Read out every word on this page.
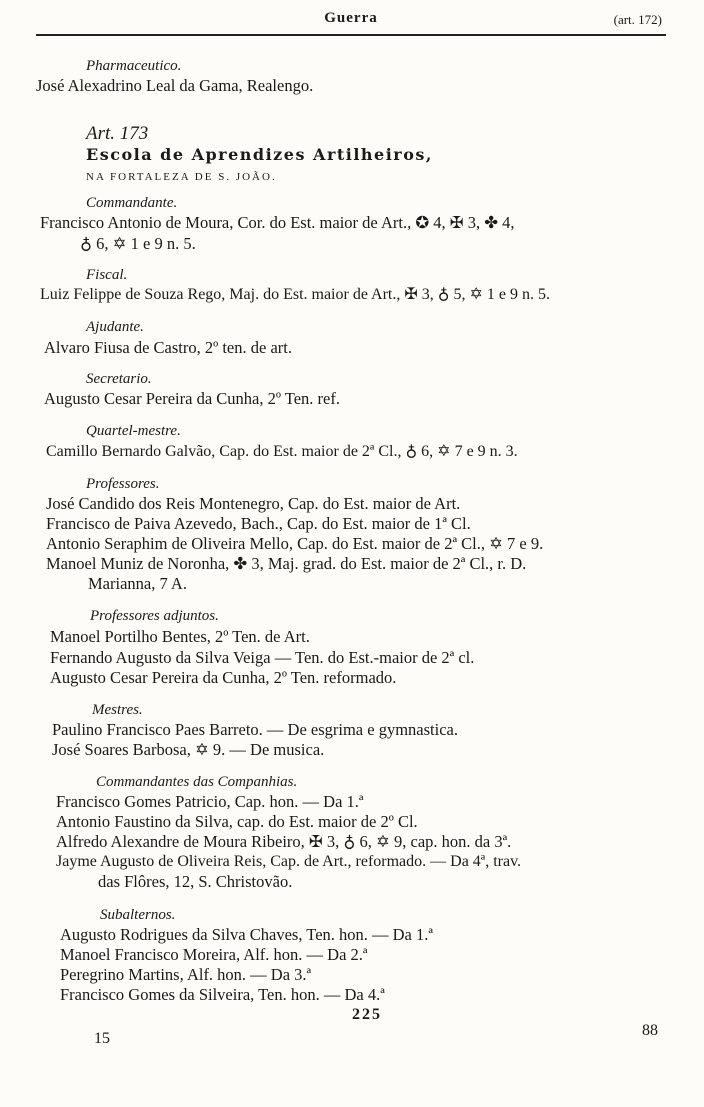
Guerra	(art. 172)
Pharmaceutico.
José Alexadrino Leal da Gama, Realengo.
Art. 173
Escola de Aprendizes Artilheiros,
NA FORTALEZA DE S. JOÃO.
Commandante.
Francisco Antonio de Moura, Cor. do Est. maior de Art., ✪ 4, ✠ 3, ✤ 4,
♁ 6, ✡ 1 e 9 n. 5.
Fiscal.
Luiz Felippe de Souza Rego, Maj. do Est. maior de Art., ✠ 3, ♁ 5, ✡ 1 e 9 n. 5.
Ajudante.
Alvaro Fiusa de Castro, 2º ten. de art.
Secretario.
Augusto Cesar Pereira da Cunha, 2º Ten. ref.
Quartel-mestre.
Camillo Bernardo Galvão, Cap. do Est. maior de 2ª Cl., ♁ 6, ✡ 7 e 9 n. 3.
Professores.
José Candido dos Reis Montenegro, Cap. do Est. maior de Art.
Francisco de Paiva Azevedo, Bach., Cap. do Est. maior de 1ª Cl.
Antonio Seraphim de Oliveira Mello, Cap. do Est. maior de 2ª Cl., ✡ 7 e 9.
Manoel Muniz de Noronha, ✤ 3, Maj. grad. do Est. maior de 2ª Cl., r. D.
Marianna, 7 A.
Professores adjuntos.
Manoel Portilho Bentes, 2º Ten. de Art.
Fernando Augusto da Silva Veiga — Ten. do Est.-maior de 2ª cl.
Augusto Cesar Pereira da Cunha, 2º Ten. reformado.
Mestres.
Paulino Francisco Paes Barreto. — De esgrima e gymnastica.
José Soares Barbosa, ✡ 9. — De musica.
Commandantes das Companhias.
Francisco Gomes Patricio, Cap. hon. — Da 1.ª
Antonio Faustino da Silva, cap. do Est. maior de 2º Cl.
Alfredo Alexandre de Moura Ribeiro, ✠ 3, ♁ 6, ✡ 9, cap. hon. da 3ª.
Jayme Augusto de Oliveira Reis, Cap. de Art., reformado. — Da 4ª, trav.
das Flôres, 12, S. Christovão.
Subalternos.
Augusto Rodrigues da Silva Chaves, Ten. hon. — Da 1.ª
Manoel Francisco Moreira, Alf. hon. — Da 2.ª
Peregrino Martins, Alf. hon. — Da 3.ª
Francisco Gomes da Silveira, Ten. hon. — Da 4.ª
225
15	88
